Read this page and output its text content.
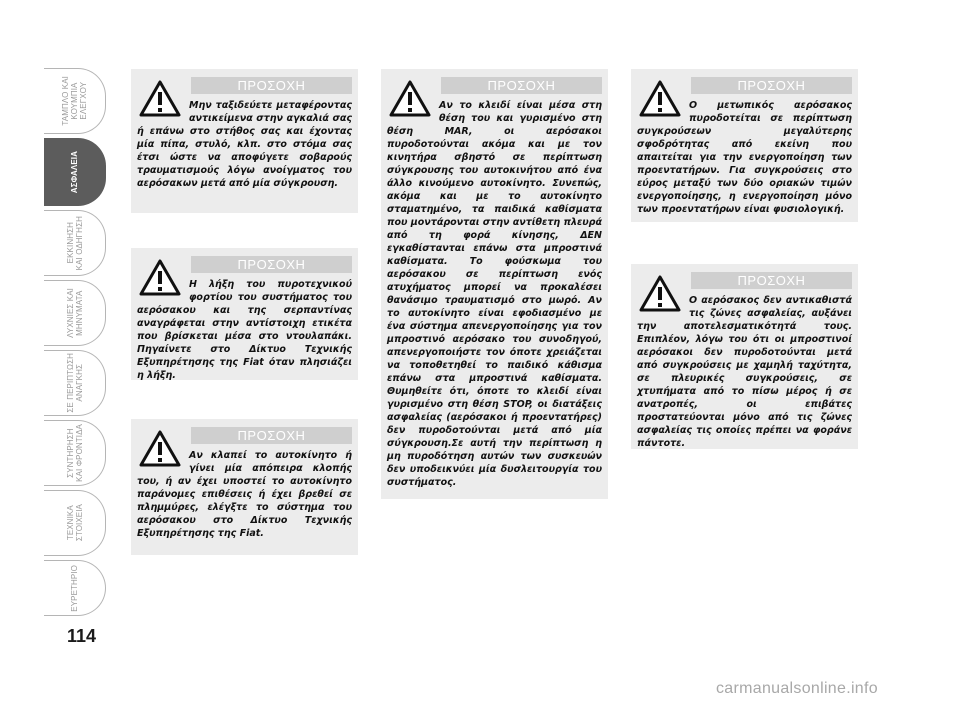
ΤΑΜΠΛΟ ΚΑΙ
ΚΟΥΜΠΙΑ
ΕΛΕΓΧΟΥ
ΑΣΦΑΛΕΙΑ
ΕΚΚΙΝΗΣΗ
ΚΑΙ ΟΔΗΓΗΣΗ
ΛΥΧΝΙΕΣ ΚΑΙ
ΜΗΝΥΜΑΤΑ
ΣΕ ΠΕΡΙΠΤΩΣΗ
ΑΝΑΓΚΗΣ
ΣΥΝΤΗΡΗΣΗ
ΚΑΙ ΦΡΟΝΤΙΔΑ
ΤΕΧΝΙΚΑ
ΣΤΟΙΧΕΙΑ
ΕΥΡΕΤΗΡΙΟ
114
ΠΡΟΣΟΧΗ
Μην ταξιδεύετε μεταφέροντας αντικείμενα στην αγκαλιά σας ή επάνω στο στήθος σας και έχοντας μία πίπα, στυλό, κλπ. στο στόμα σας έτσι ώστε να αποφύγετε σοβαρούς τραυματισμούς λόγω ανοίγματος του αερόσακων μετά από μία σύγκρουση.
ΠΡΟΣΟΧΗ
Η λήξη του πυροτεχνικού φορτίου του συστήματος του αερόσακου και της σερπαντίνας αναγράφεται στην αντίστοιχη ετικέτα που βρίσκεται μέσα στο ντουλαπάκι. Πηγαίνετε στο Δίκτυο Τεχνικής Εξυπηρέτησης της Fiat όταν πλησιάζει η λήξη.
ΠΡΟΣΟΧΗ
Αν κλαπεί το αυτοκίνητο ή γίνει μία απόπειρα κλοπής του, ή αν έχει υποστεί το αυτοκίνητο παράνομες επιθέσεις ή έχει βρεθεί σε πλημμύρες, ελέγξτε το σύστημα του αερόσακου στο Δίκτυο Τεχνικής Εξυπηρέτησης της Fiat.
ΠΡΟΣΟΧΗ
Αν το κλειδί είναι μέσα στη θέση του και γυρισμένο στη θέση MAR, οι αερόσακοι πυροδοτούνται ακόμα και με τον κινητήρα σβηστό σε περίπτωση σύγκρουσης του αυτοκινήτου από ένα άλλο κινούμενο αυτοκίνητο. Συνεπώς, ακόμα και με το αυτοκίνητο σταματημένο, τα παιδικά καθίσματα που μοντάρονται στην αντίθετη πλευρά από τη φορά κίνησης, ΔΕΝ εγκαθίστανται επάνω στα μπροστινά καθίσματα. Το φούσκωμα του αερόσακου σε περίπτωση ενός ατυχήματος μπορεί να προκαλέσει θανάσιμο τραυματισμό στο μωρό. Αν το αυτοκίνητο είναι εφοδιασμένο με ένα σύστημα απενεργοποίησης για τον μπροστινό αερόσακο του συνοδηγού, απενεργοποιήστε τον όποτε χρειάζεται να τοποθετηθεί το παιδικό κάθισμα επάνω στα μπροστινά καθίσματα. Θυμηθείτε ότι, όποτε το κλειδί είναι γυρισμένο στη θέση STOP, οι διατάξεις ασφαλείας (αερόσακοι ή προεντατήρες) δεν πυροδοτούνται μετά από μία σύγκρουση.Σε αυτή την περίπτωση η μη πυροδότηση αυτών των συσκευών δεν υποδεικνύει μία δυσλειτουργία του συστήματος.
ΠΡΟΣΟΧΗ
Ο μετωπικός αερόσακος πυροδοτείται σε περίπτωση συγκρούσεων μεγαλύτερης σφοδρότητας από εκείνη που απαιτείται για την ενεργοποίηση των προεντατήρων. Για συγκρούσεις στο εύρος μεταξύ των δύο οριακών τιμών ενεργοποίησης, η ενεργοποίηση μόνο των προεντατήρων είναι φυσιολογική.
ΠΡΟΣΟΧΗ
Ο αερόσακος δεν αντικαθιστά τις ζώνες ασφαλείας, αυξάνει την αποτελεσματικότητά τους. Επιπλέον, λόγω του ότι οι μπροστινοί αερόσακοι δεν πυροδοτούνται μετά από συγκρούσεις με χαμηλή ταχύτητα, σε πλευρικές συγκρούσεις, σε χτυπήματα από το πίσω μέρος ή σε ανατροπές, οι επιβάτες προστατεύονται μόνο από τις ζώνες ασφαλείας τις οποίες πρέπει να φοράνε πάντοτε.
carmanualsonline.info
